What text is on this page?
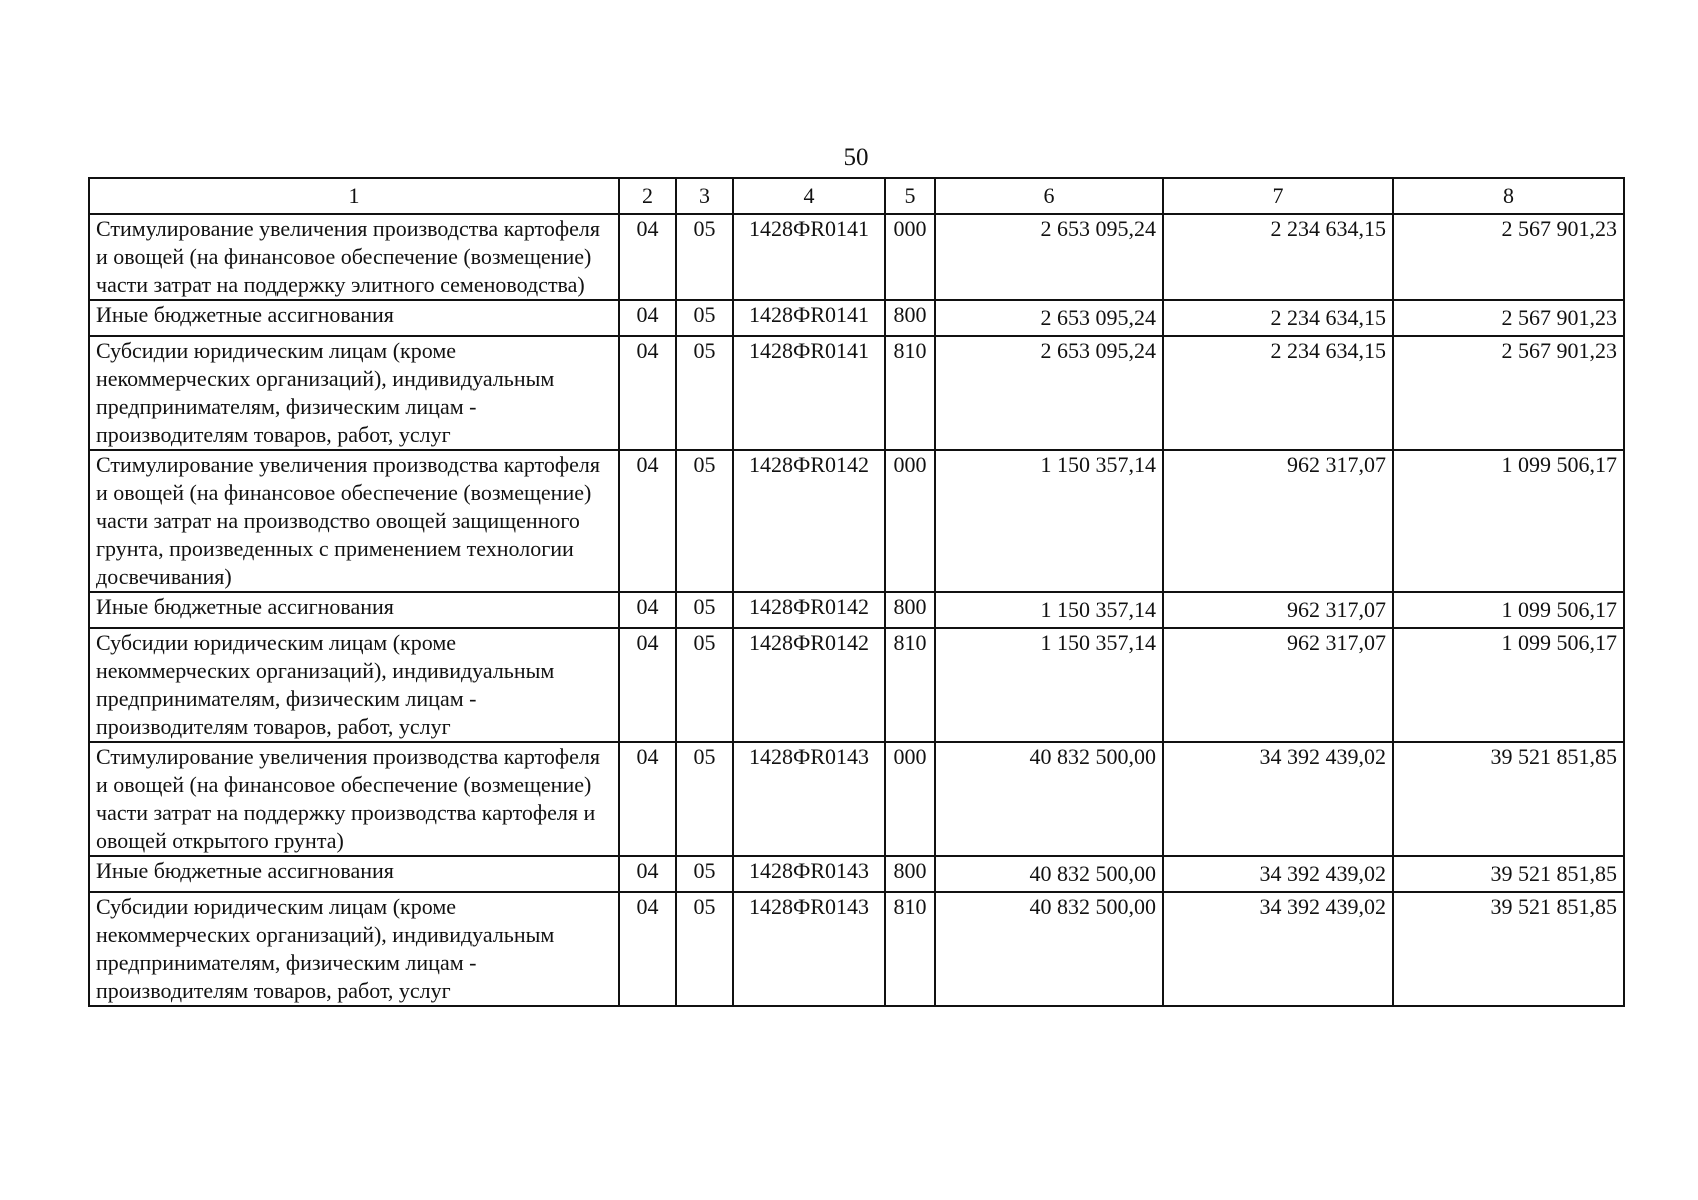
50
1	2	3	4	5	6	7	8
Стимулирование увеличения производства картофеля и овощей (на финансовое обеспечение (возмещение) части затрат на поддержку элитного семеноводства)	04	05	1428ФR0141	000	2 653 095,24	2 234 634,15	2 567 901,23
Иные бюджетные ассигнования	04	05	1428ФR0141	800	2 653 095,24	2 234 634,15	2 567 901,23
Субсидии юридическим лицам (кроме некоммерческих организаций), индивидуальным предпринимателям, физическим лицам - производителям товаров, работ, услуг	04	05	1428ФR0141	810	2 653 095,24	2 234 634,15	2 567 901,23
Стимулирование увеличения производства картофеля и овощей (на финансовое обеспечение (возмещение) части затрат на производство овощей защищенного грунта, произведенных с применением технологии досвечивания)	04	05	1428ФR0142	000	1 150 357,14	962 317,07	1 099 506,17
Иные бюджетные ассигнования	04	05	1428ФR0142	800	1 150 357,14	962 317,07	1 099 506,17
Субсидии юридическим лицам (кроме некоммерческих организаций), индивидуальным предпринимателям, физическим лицам - производителям товаров, работ, услуг	04	05	1428ФR0142	810	1 150 357,14	962 317,07	1 099 506,17
Стимулирование увеличения производства картофеля и овощей (на финансовое обеспечение (возмещение) части затрат на поддержку производства картофеля и овощей открытого грунта)	04	05	1428ФR0143	000	40 832 500,00	34 392 439,02	39 521 851,85
Иные бюджетные ассигнования	04	05	1428ФR0143	800	40 832 500,00	34 392 439,02	39 521 851,85
Субсидии юридическим лицам (кроме некоммерческих организаций), индивидуальным предпринимателям, физическим лицам - производителям товаров, работ, услуг	04	05	1428ФR0143	810	40 832 500,00	34 392 439,02	39 521 851,85
